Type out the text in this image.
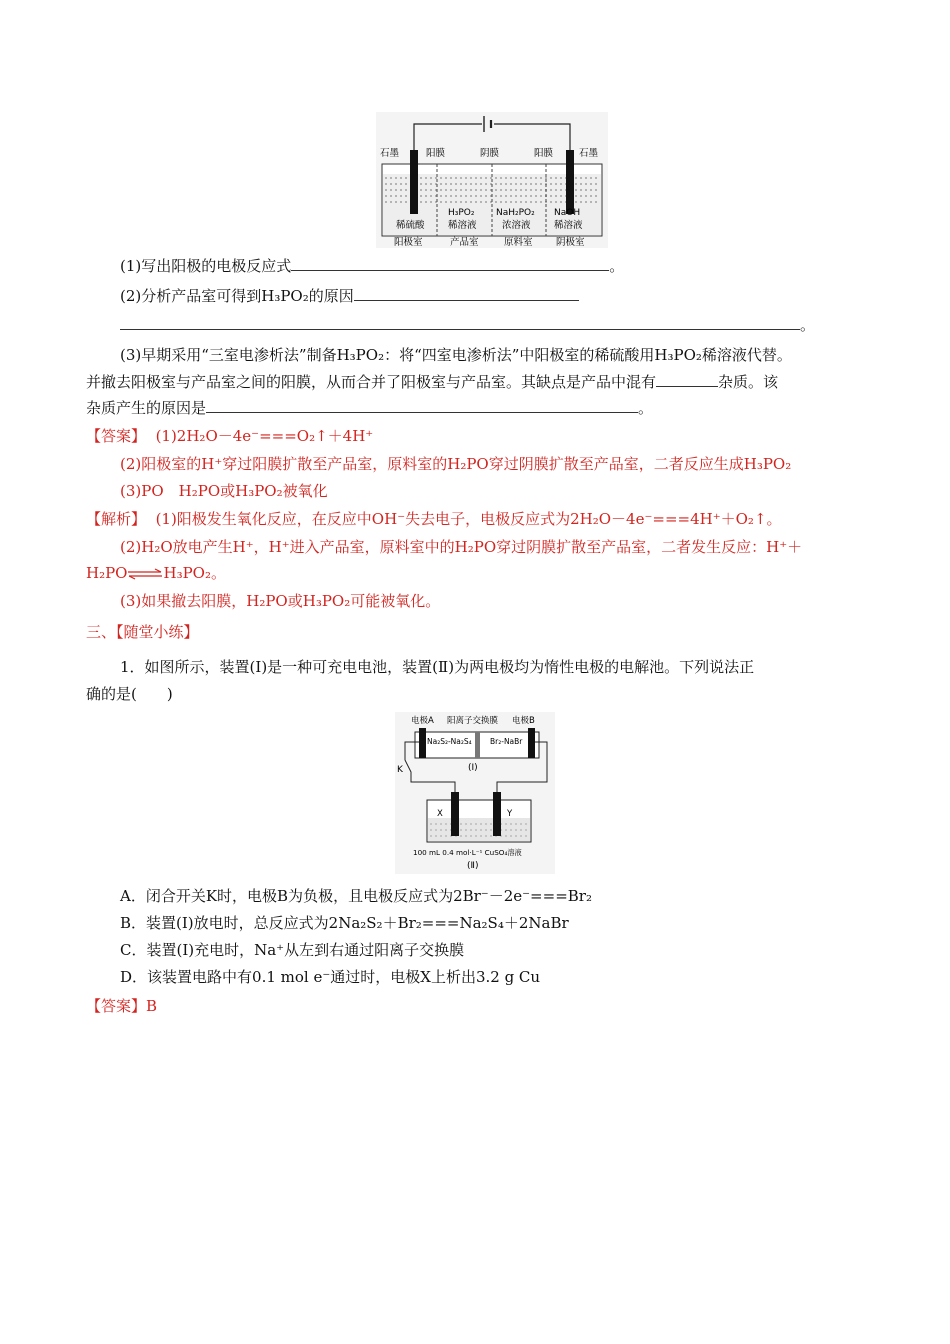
石墨	阳膜	阴膜	阳膜	石墨
稀硫酸
H₃PO₂
稀溶液
NaH₂PO₂
浓溶液
NaOH
稀溶液
阳极室	产品室	原料室 阴极室
(1)写出阳极的电极反应式	。
(2)分析产品室可得到H₃PO₂的原因
。
(3)早期采用“三室电渗析法”制备H₃PO₂：将“四室电渗析法”中阳极室的稀硫酸用H₃PO₂稀溶液代替。
并撤去阳极室与产品室之间的阳膜，从而合并了阳极室与产品室。其缺点是产品中混有	杂质。该
杂质产生的原因是	。
【答案】 (1)2H₂O－4e⁻===O₂↑＋4H⁺
(2)阳极室的H⁺穿过阳膜扩散至产品室，原料室的H₂PO穿过阴膜扩散至产品室，二者反应生成H₃PO₂
(3)PO　H₂PO或H₃PO₂被氧化
【解析】 (1)阳极发生氧化反应，在反应中OH⁻失去电子，电极反应式为2H₂O－4e⁻===4H⁺＋O₂↑。
(2)H₂O放电产生H⁺，H⁺进入产品室，原料室中的H₂PO穿过阴膜扩散至产品室，二者发生反应：H⁺＋
H₂PO⇌H₃PO₂。
(3)如果撤去阳膜，H₂PO或H₃PO₂可能被氧化。
三、【随堂小练】
1．如图所示，装置(Ⅰ)是一种可充电电池，装置(Ⅱ)为两电极均为惰性电极的电解池。下列说法正
确的是(　　)
电极A 阳离子交换膜 电极B
Na₂S₂-Na₂S₄ Br₂-NaBr
(Ⅰ)
K
X	Y
100 mL 0.4 mol·L⁻¹ CuSO₄溶液
(Ⅱ)
A．闭合开关K时，电极B为负极，且电极反应式为2Br⁻－2e⁻===Br₂
B．装置(Ⅰ)放电时，总反应式为2Na₂S₂＋Br₂===Na₂S₄＋2NaBr
C．装置(Ⅰ)充电时，Na⁺从左到右通过阳离子交换膜
D．该装置电路中有0.1 mol e⁻通过时，电极X上析出3.2 g Cu
【答案】B
